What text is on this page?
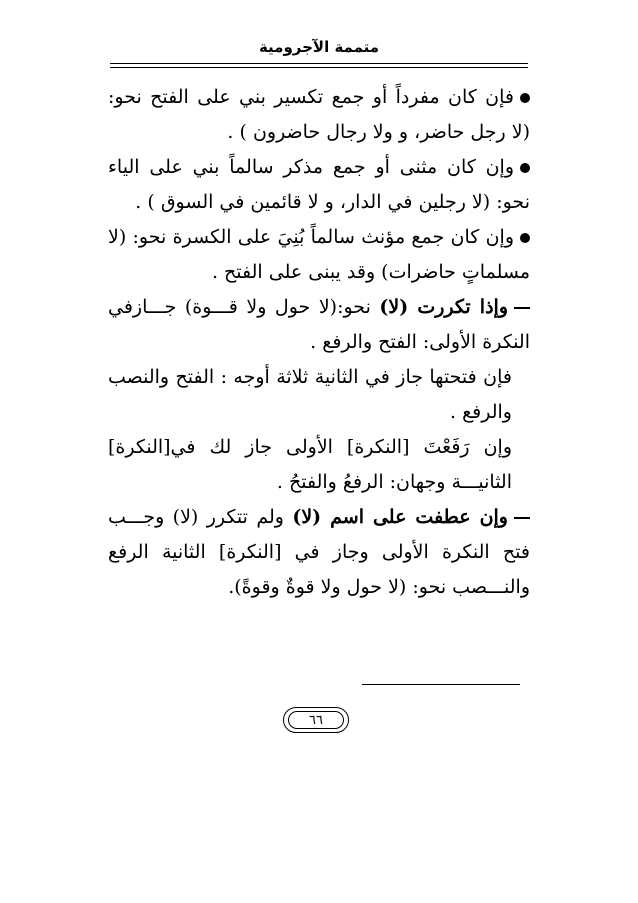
متممة الآجرومية

فإن كان مفرداً أو جمع تكسير بني على الفتح نحو: (لا رجل حاضر، و ولا رجال حاضرون ) .

وإن كان مثنى أو جمع مذكر سالماً بني على الياء نحو: (لا رجلين في الدار، و لا قائمين في السوق ) .

وإن كان جمع مؤنث سالماً بُنِيَ على الكسرة نحو: (لا مسلماتٍ حاضرات) وقد يبنى على الفتح .

وإذا تكررت (لا) نحو:(لا حول ولا قـــوة) جـــازفي النكرة الأولى: الفتح والرفع .

فإن فتحتها جاز في الثانية ثلاثة أوجه : الفتح والنصب والرفع .

وإن رَفَعْتَ [النكرة] الأولى جاز لك في[النكرة] الثانيـــة وجهان: الرفعُ والفتحُ .

وإن عطفت على اسم (لا) ولم تتكرر (لا) وجـــب فتح النكرة الأولى وجاز في [النكرة] الثانية الرفع والنـــصب نحو: (لا حول ولا قوةٌ وقوةً).

٦٦
